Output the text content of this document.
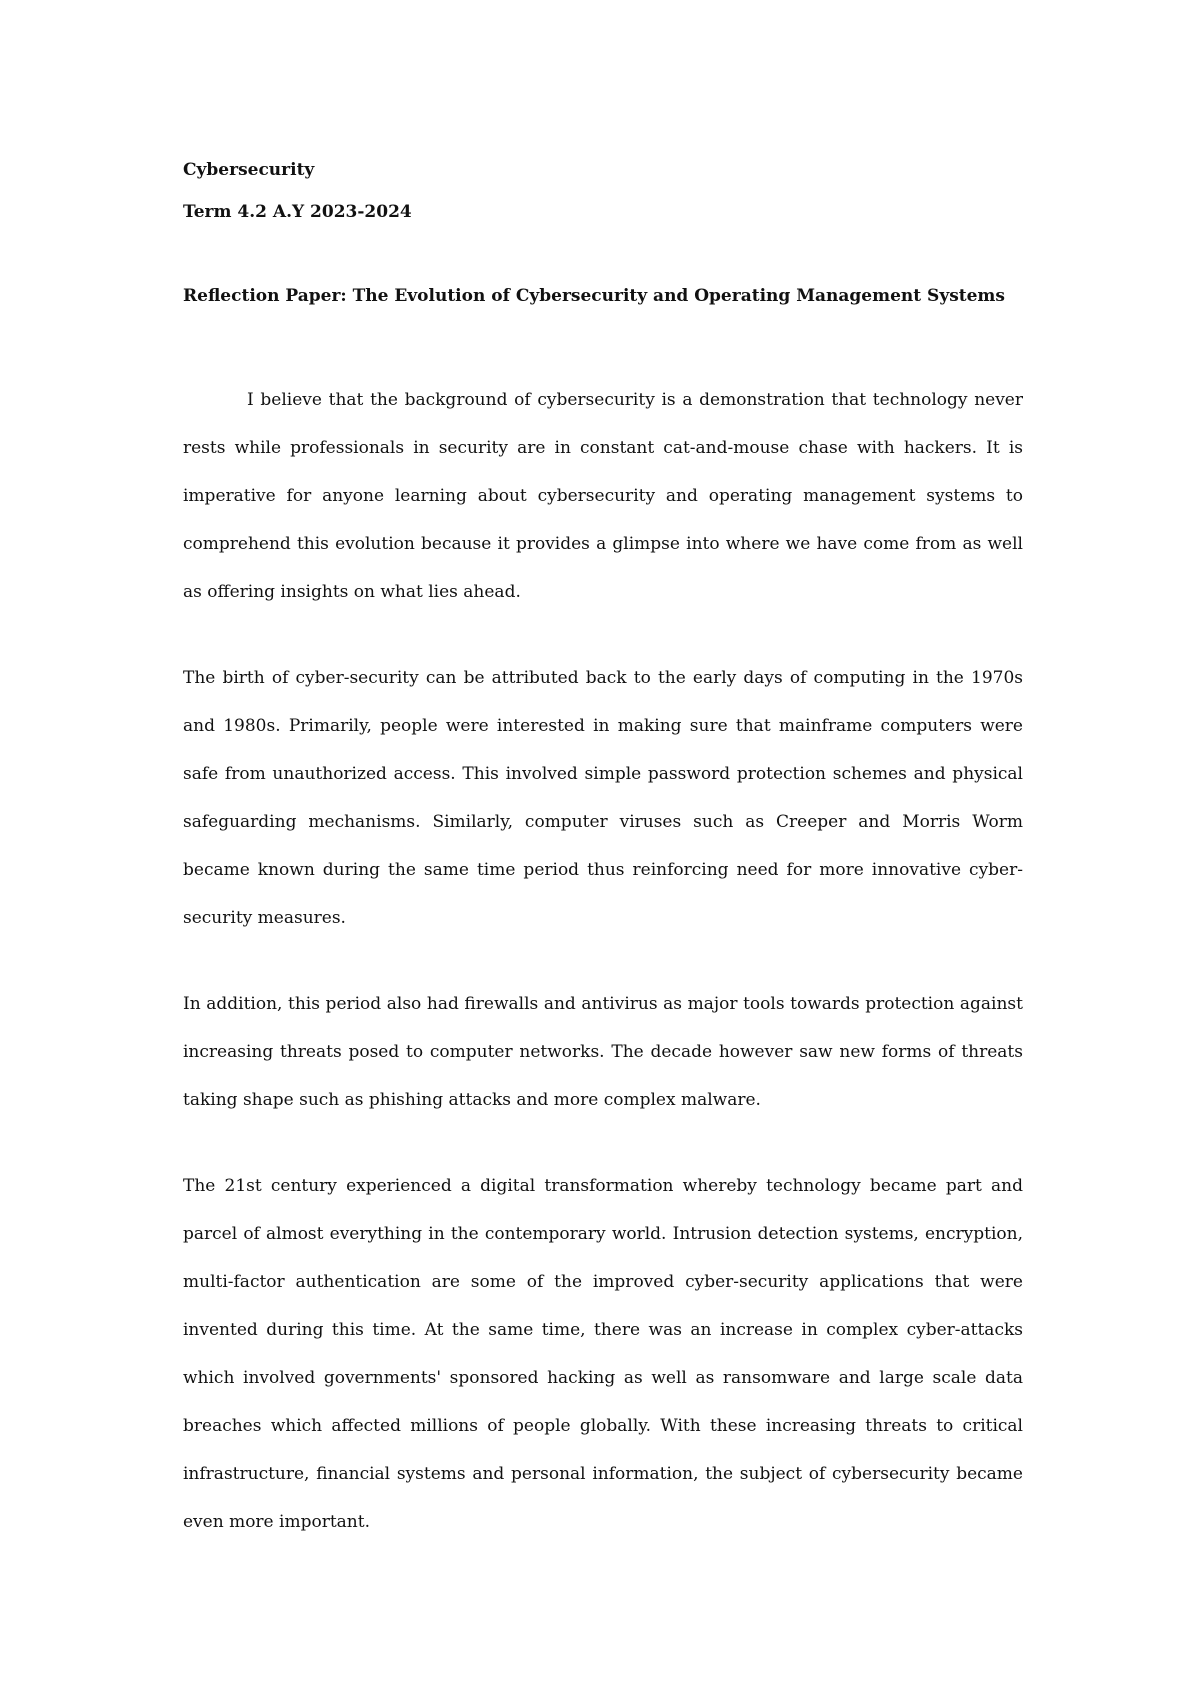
Cybersecurity

Term 4.2 A.Y 2023-2024

Reflection Paper: The Evolution of Cybersecurity and Operating Management Systems

I believe that the background of cybersecurity is a demonstration that technology never rests while professionals in security are in constant cat-and-mouse chase with hackers. It is imperative for anyone learning about cybersecurity and operating management systems to comprehend this evolution because it provides a glimpse into where we have come from as well as offering insights on what lies ahead.

The birth of cyber-security can be attributed back to the early days of computing in the 1970s and 1980s. Primarily, people were interested in making sure that mainframe computers were safe from unauthorized access. This involved simple password protection schemes and physical safeguarding mechanisms. Similarly, computer viruses such as Creeper and Morris Worm became known during the same time period thus reinforcing need for more innovative cyber-security measures.

In addition, this period also had firewalls and antivirus as major tools towards protection against increasing threats posed to computer networks. The decade however saw new forms of threats taking shape such as phishing attacks and more complex malware.

The 21st century experienced a digital transformation whereby technology became part and parcel of almost everything in the contemporary world. Intrusion detection systems, encryption, multi-factor authentication are some of the improved cyber-security applications that were invented during this time. At the same time, there was an increase in complex cyber-attacks which involved governments' sponsored hacking as well as ransomware and large scale data breaches which affected millions of people globally. With these increasing threats to critical infrastructure, financial systems and personal information, the subject of cybersecurity became even more important.
